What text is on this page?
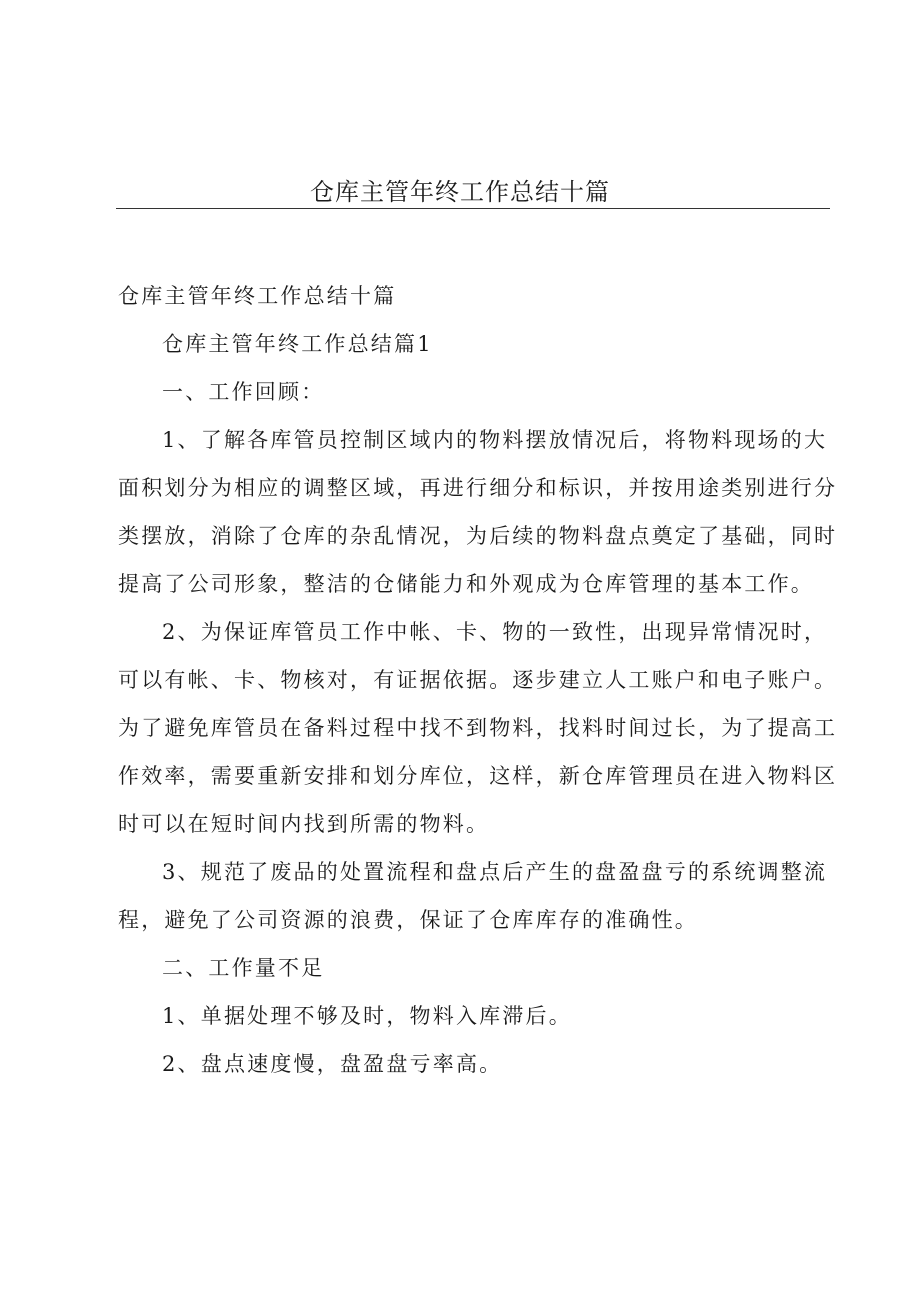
仓库主管年终工作总结十篇

仓库主管年终工作总结十篇

仓库主管年终工作总结篇1

一、工作回顾：

1、了解各库管员控制区域内的物料摆放情况后，将物料现场的大

面积划分为相应的调整区域，再进行细分和标识，并按用途类别进行分

类摆放，消除了仓库的杂乱情况，为后续的物料盘点奠定了基础，同时

提高了公司形象，整洁的仓储能力和外观成为仓库管理的基本工作。

2、为保证库管员工作中帐、卡、物的一致性，出现异常情况时，

可以有帐、卡、物核对，有证据依据。逐步建立人工账户和电子账户。

为了避免库管员在备料过程中找不到物料，找料时间过长，为了提高工

作效率，需要重新安排和划分库位，这样，新仓库管理员在进入物料区

时可以在短时间内找到所需的物料。

3、规范了废品的处置流程和盘点后产生的盘盈盘亏的系统调整流

程，避免了公司资源的浪费，保证了仓库库存的准确性。

二、工作量不足

1、单据处理不够及时，物料入库滞后。

2、盘点速度慢，盘盈盘亏率高。
